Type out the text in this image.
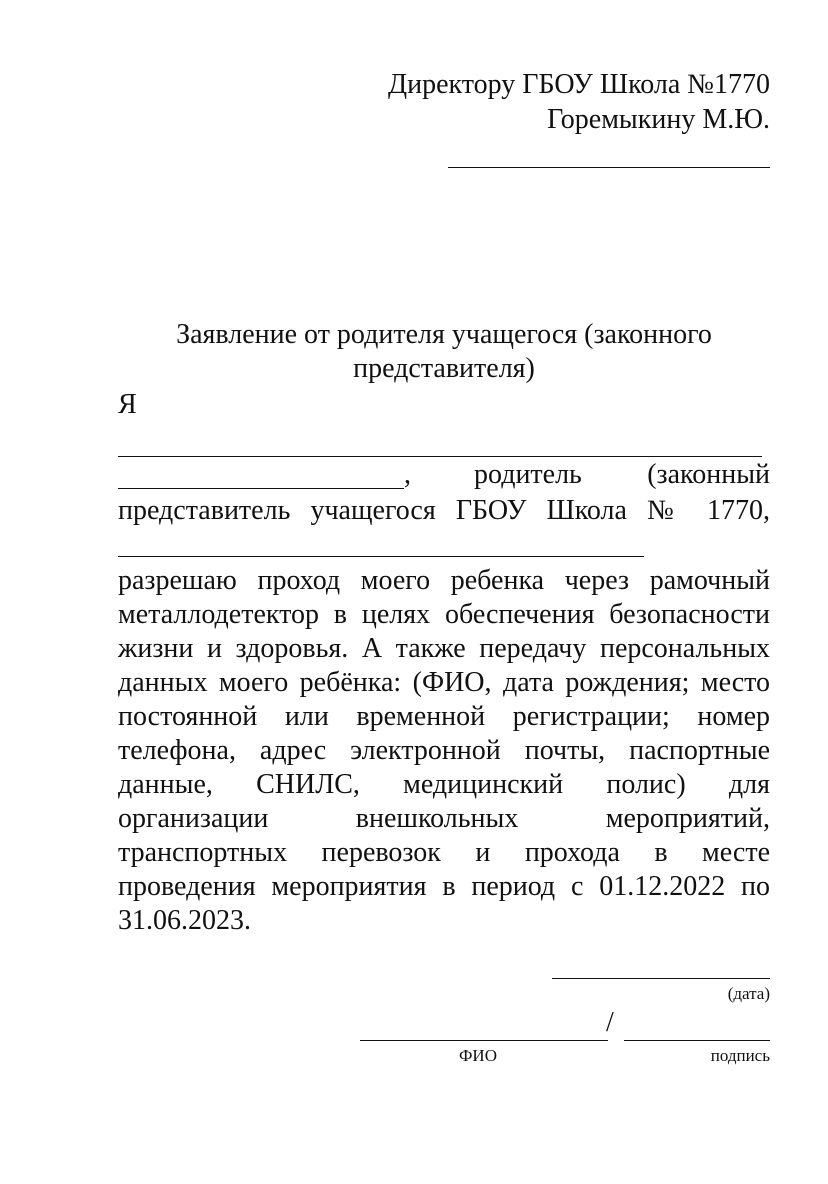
Директору ГБОУ Школа №1770
Горемыкину М.Ю.
Заявление от родителя учащегося (законного
представителя)
Я
, родитель (законный
представитель учащегося ГБОУ Школа № 1770,
разрешаю проход моего ребенка через рамочный
металлодетектор в целях обеспечения безопасности
жизни и здоровья. А также передачу персональных
данных моего ребёнка: (ФИО, дата рождения; место
постоянной или временной регистрации; номер
телефона, адрес электронной почты, паспортные
данные, СНИЛС, медицинский полис) для
организации внешкольных мероприятий,
транспортных перевозок и прохода в месте
проведения мероприятия в период с 01.12.2022 по
31.06.2023.
(дата)
/
ФИО	подпись
